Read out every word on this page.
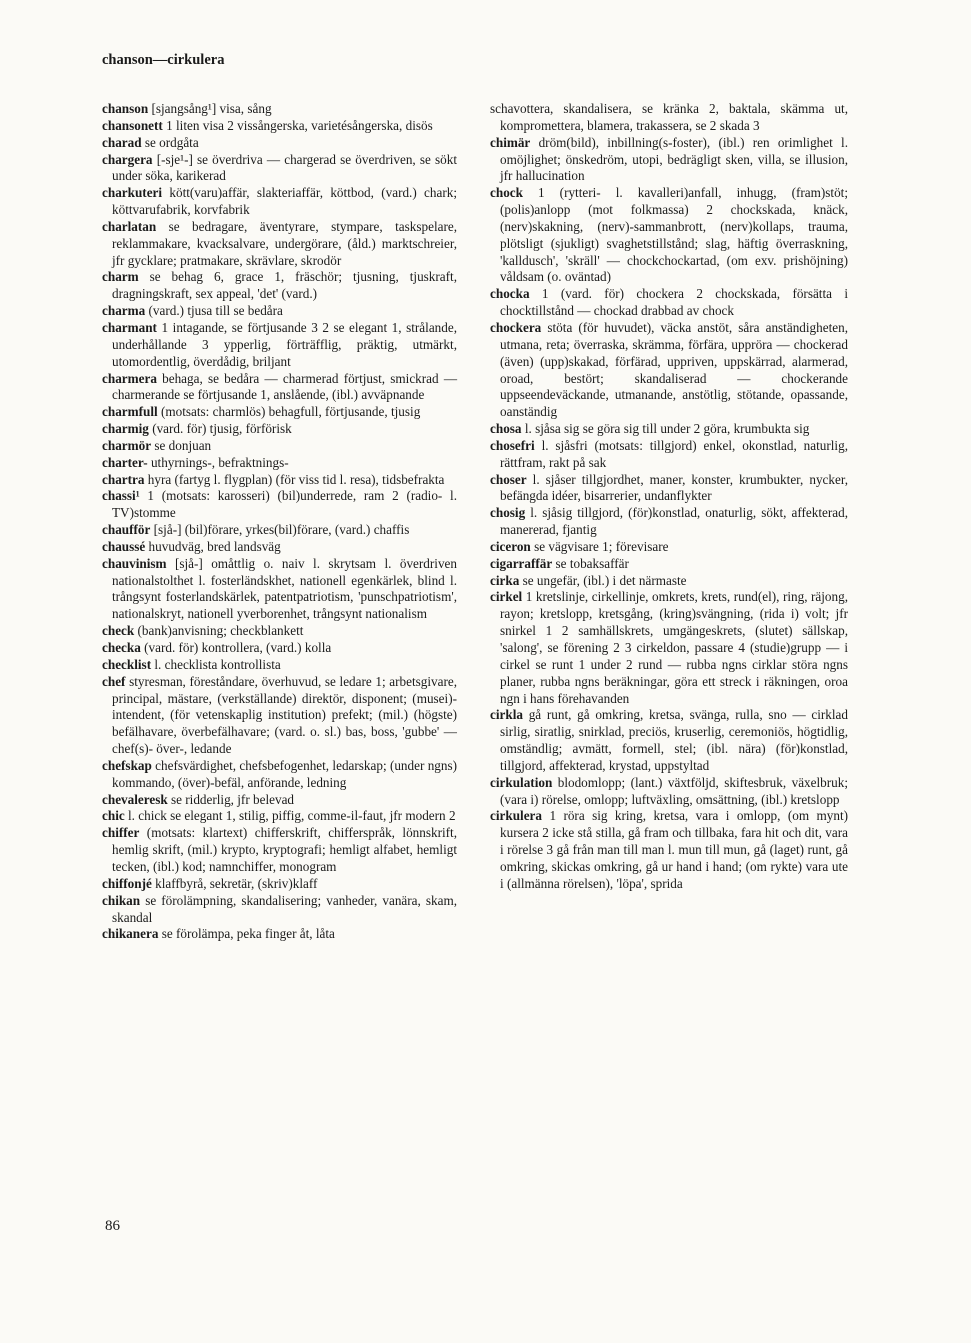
chanson—cirkulera
chanson [sjangsång¹] visa, sång
chansonett 1 liten visa 2 vissångerska, varietésångerska, disös
charad se ordgåta
chargera [-sje¹-] se överdriva — chargerad se överdriven, se sökt under söka, karikerad
charkuteri kött(varu)affär, slakteriaffär, köttbod, (vard.) chark; köttvarufabrik, korvfabrik
charlatan se bedragare, äventyrare, stympare, taskspelare, reklammakare, kvacksalvare, undergörare, (åld.) marktschreier, jfr gycklare; pratmakare, skrävlare, skrodör
charm se behag 6, grace 1, fräschör; tjusning, tjuskraft, dragningskraft, sex appeal, 'det' (vard.)
charma (vard.) tjusa till se bedåra
charmant 1 intagande, se förtjusande 3 2 se elegant 1, strålande, underhållande 3 ypperlig, förträfflig, präktig, utmärkt, utomordentlig, överdådig, briljant
charmera behaga, se bedåra — charmerad förtjust, smickrad — charmerande se förtjusande 1, anslående, (ibl.) avväpnande
charmfull (motsats: charmlös) behagfull, förtjusande, tjusig
charmig (vard. för) tjusig, förförisk
charmör se donjuan
charter- uthyrnings-, befraktnings-
chartra hyra (fartyg l. flygplan) (för viss tid l. resa), tidsbefrakta
chassi¹ 1 (motsats: karosseri) (bil)underrede, ram 2 (radio- l. TV)stomme
chaufför [sjå-] (bil)förare, yrkes(bil)förare, (vard.) chaffis
chaussé huvudväg, bred landsväg
chauvinism [sjå-] omåttlig o. naiv l. skrytsam l. överdriven nationalstolthet l. fosterländskhet, nationell egenkärlek, blind l. trångsynt fosterlandskärlek, patentpatriotism, 'punschpatriotism', nationalskryt, nationell yverborenhet, trångsynt nationalism
check (bank)anvisning; checkblankett
checka (vard. för) kontrollera, (vard.) kolla
checklist l. checklista kontrollista
chef styresman, föreståndare, överhuvud, se ledare 1; arbetsgivare, principal, mästare, (verkställande) direktör, disponent; (musei)-intendent, (för vetenskaplig institution) prefekt; (mil.) (högste) befälhavare, överbefälhavare; (vard. o. sl.) bas, boss, 'gubbe' — chef(s)- över-, ledande
chefskap chefsvärdighet, chefsbefogenhet, ledarskap; (under ngns) kommando, (över)-befäl, anförande, ledning
chevaleresk se ridderlig, jfr belevad
chic l. chick se elegant 1, stilig, piffig, comme-il-faut, jfr modern 2
chiffer (motsats: klartext) chifferskrift, chifferspråk, lönnskrift, hemlig skrift, (mil.) krypto, kryptografi; hemligt alfabet, hemligt tecken, (ibl.) kod; namnchiffer, monogram
chiffonjé klaffbyrå, sekretär, (skriv)klaff
chikan se förolämpning, skandalisering; vanheder, vanära, skam, skandal
chikanera se förolämpa, peka finger åt, låta
schavottera, skandalisera, se kränka 2, baktala, skämma ut, kompromettera, blamera, trakassera, se 2 skada 3
chimär dröm(bild), inbillning(s-foster), (ibl.) ren orimlighet l. omöjlighet; önskedröm, utopi, bedrägligt sken, villa, se illusion, jfr hallucination
chock 1 (rytteri- l. kavalleri)anfall, inhugg, (fram)stöt; (polis)anlopp (mot folkmassa) 2 chockskada, knäck, (nerv)skakning, (nerv)-sammanbrott, (nerv)kollaps, trauma, plötsligt (sjukligt) svaghetstillstånd; slag, häftig överraskning, 'kalldusch', 'skräll' — chockchockartad, (om exv. prishöjning) våldsam (o. oväntad)
chocka 1 (vard. för) chockera 2 chockskada, försätta i chocktillstånd — chockad drabbad av chock
chockera stöta (för huvudet), väcka anstöt, såra anständigheten, utmana, reta; överraska, skrämma, förfära, uppröra — chockerad (även) (upp)skakad, förfärad, uppriven, uppskärrad, alarmerad, oroad, bestört; skandaliserad — chockerande uppseendeväckande, utmanande, anstötlig, stötande, opassande, oanständig
chosa l. sjåsa sig se göra sig till under 2 göra, krumbukta sig
chosefri l. sjåsfri (motsats: tillgjord) enkel, okonstlad, naturlig, rättfram, rakt på sak
choser l. sjåser tillgjordhet, maner, konster, krumbukter, nycker, befängda idéer, bisarrerier, undanflykter
chosig l. sjåsig tillgjord, (för)konstlad, onaturlig, sökt, affekterad, manererad, fjantig
ciceron se vägvisare 1; förevisare
cigarraffär se tobaksaffär
cirka se ungefär, (ibl.) i det närmaste
cirkel 1 kretslinje, cirkellinje, omkrets, krets, rund(el), ring, räjong, rayon; kretslopp, kretsgång, (kring)svängning, (rida i) volt; jfr snirkel 1 2 samhällskrets, umgängeskrets, (slutet) sällskap, 'salong', se förening 2 3 cirkeldon, passare 4 (studie)grupp — i cirkel se runt 1 under 2 rund — rubba ngns cirklar störa ngns planer, rubba ngns beräkningar, göra ett streck i räkningen, oroa ngn i hans förehavanden
cirkla gå runt, gå omkring, kretsa, svänga, rulla, sno — cirklad sirlig, siratlig, snirklad, preciös, kruserlig, ceremoniös, högtidlig, omständlig; avmätt, formell, stel; (ibl. nära) (för)konstlad, tillgjord, affekterad, krystad, uppstyltad
cirkulation blodomlopp; (lant.) växtföljd, skiftesbruk, växelbruk; (vara i) rörelse, omlopp; luftväxling, omsättning, (ibl.) kretslopp
cirkulera 1 röra sig kring, kretsa, vara i omlopp, (om mynt) kursera 2 icke stå stilla, gå fram och tillbaka, fara hit och dit, vara i rörelse 3 gå från man till man l. mun till mun, gå (laget) runt, gå omkring, skickas omkring, gå ur hand i hand; (om rykte) vara ute i (allmänna rörelsen), 'löpa', sprida
86
